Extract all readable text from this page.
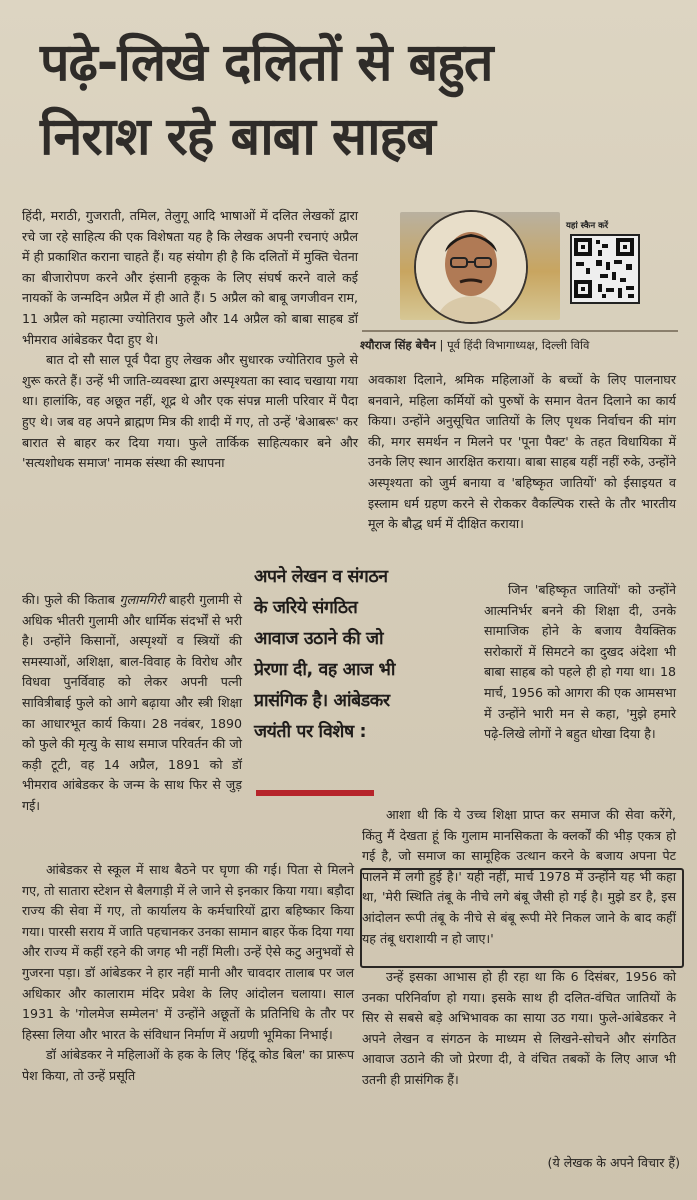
पढ़े-लिखे दलितों से बहुत
निराश रहे बाबा साहब

हिंदी, मराठी, गुजराती, तमिल, तेलुगू आदि भाषाओं में दलित लेखकों द्वारा रचे जा रहे साहित्य की एक विशेषता यह है कि लेखक अपनी रचनाएं अप्रैल में ही प्रकाशित कराना चाहते हैं। यह संयोग ही है कि दलितों में मुक्ति चेतना का बीजारोपण करने और इंसानी हकूक के लिए संघर्ष करने वाले कई नायकों के जन्मदिन अप्रैल में ही आते हैं। 5 अप्रैल को बाबू जगजीवन राम, 11 अप्रैल को महात्मा ज्योतिराव फुले और 14 अप्रैल को बाबा साहब डॉ भीमराव आंबेडकर पैदा हुए थे।

बात दो सौ साल पूर्व पैदा हुए लेखक और सुधारक ज्योतिराव फुले से शुरू करते हैं। उन्हें भी जाति-व्यवस्था द्वारा अस्पृश्यता का स्वाद चखाया गया था। हालांकि, वह अछूत नहीं, शूद्र थे और एक संपन्न माली परिवार में पैदा हुए थे। जब वह अपने ब्राह्मण मित्र की शादी में गए, तो उन्हें 'बेआबरू' कर बारात से बाहर कर दिया गया। फुले तार्किक साहित्यकार बने और 'सत्यशोधक समाज' नामक संस्था की स्थापना

की। फुले की किताब गुलामगिरी बाहरी गुलामी से अधिक भीतरी गुलामी और धार्मिक संदर्भों से भरी है। उन्होंने किसानों, अस्पृश्यों व स्त्रियों की समस्याओं, अशिक्षा, बाल-विवाह के विरोध और विधवा पुनर्विवाह को लेकर अपनी पत्नी सावित्रीबाई फुले को आगे बढ़ाया और स्त्री शिक्षा का आधारभूत कार्य किया। 28 नवंबर, 1890 को फुले की मृत्यु के साथ समाज परिवर्तन की जो कड़ी टूटी, वह 14 अप्रैल, 1891 को डॉ भीमराव आंबेडकर के जन्म के साथ फिर से जुड़ गई।

आंबेडकर से स्कूल में साथ बैठने पर घृणा की गई। पिता से मिलने गए, तो सातारा स्टेशन से बैलगाड़ी में ले जाने से इनकार किया गया। बड़ौदा राज्य की सेवा में गए, तो कार्यालय के कर्मचारियों द्वारा बहिष्कार किया गया। पारसी सराय में जाति पहचानकर उनका सामान बाहर फेंक दिया गया और राज्य में कहीं रहने की जगह भी नहीं मिली। उन्हें ऐसे कटु अनुभवों से गुजरना पड़ा। डॉ आंबेडकर ने हार नहीं मानी और चावदार तालाब पर जल अधिकार और कालाराम मंदिर प्रवेश के लिए आंदोलन चलाया। साल 1931 के 'गोलमेज सम्मेलन' में उन्होंने अछूतों के प्रतिनिधि के तौर पर हिस्सा लिया और भारत के संविधान निर्माण में अग्रणी भूमिका निभाई।

डॉ आंबेडकर ने महिलाओं के हक के लिए 'हिंदू कोड बिल' का प्रारूप पेश किया, तो उन्हें प्रसूति

यहां स्कैन करें
श्यौराज सिंह बेचैन | पूर्व हिंदी विभागाध्यक्ष, दिल्ली विवि

अवकाश दिलाने, श्रमिक महिलाओं के बच्चों के लिए पालनाघर बनवाने, महिला कर्मियों को पुरुषों के समान वेतन दिलाने का कार्य किया। उन्होंने अनुसूचित जातियों के लिए पृथक निर्वाचन की मांग की, मगर समर्थन न मिलने पर 'पूना पैक्ट' के तहत विधायिका में उनके लिए स्थान आरक्षित कराया। बाबा साहब यहीं नहीं रुके, उन्होंने अस्पृश्यता को जुर्म बनाया व 'बहिष्कृत जातियों' को ईसाइयत व इस्लाम धर्म ग्रहण करने से रोककर वैकल्पिक रास्ते के तौर भारतीय मूल के बौद्ध धर्म में दीक्षित कराया।

जिन 'बहिष्कृत जातियों' को उन्होंने आत्मनिर्भर बनने की शिक्षा दी, उनके सामाजिक होने के बजाय वैयक्तिक सरोकारों में सिमटने का दुखद अंदेशा भी बाबा साहब को पहले ही हो गया था। 18 मार्च, 1956 को आगरा की एक आमसभा में उन्होंने भारी मन से कहा, 'मुझे हमारे पढ़े-लिखे लोगों ने बहुत धोखा दिया है।

आशा थी कि ये उच्च शिक्षा प्राप्त कर समाज की सेवा करेंगे, किंतु मैं देखता हूं कि गुलाम मानसिकता के क्लर्कों की भीड़ एकत्र हो गई है, जो समाज का सामूहिक उत्थान करने के बजाय अपना पेट पालने में लगी हुई है।' यही नहीं, मार्च 1978 में उन्होंने यह भी कहा था, 'मेरी स्थिति तंबू के नीचे लगे बंबू जैसी हो गई है। मुझे डर है, इस आंदोलन रूपी तंबू के नीचे से बंबू रूपी मेरे निकल जाने के बाद कहीं यह तंबू धराशायी न हो जाए।'

उन्हें इसका आभास हो ही रहा था कि 6 दिसंबर, 1956 को उनका परिनिर्वाण हो गया। इसके साथ ही दलित-वंचित जातियों के सिर से सबसे बड़े अभिभावक का साया उठ गया। फुले-आंबेडकर ने अपने लेखन व संगठन के माध्यम से लिखने-सोचने और संगठित आवाज उठाने की जो प्रेरणा दी, वे वंचित तबकों के लिए आज भी उतनी ही प्रासंगिक हैं।

(ये लेखक के अपने विचार हैं)
अपने लेखन व संगठन
के जरिये संगठित
आवाज उठाने की जो
प्रेरणा दी, वह आज भी
प्रासंगिक है। आंबेडकर
जयंती पर विशेष :
